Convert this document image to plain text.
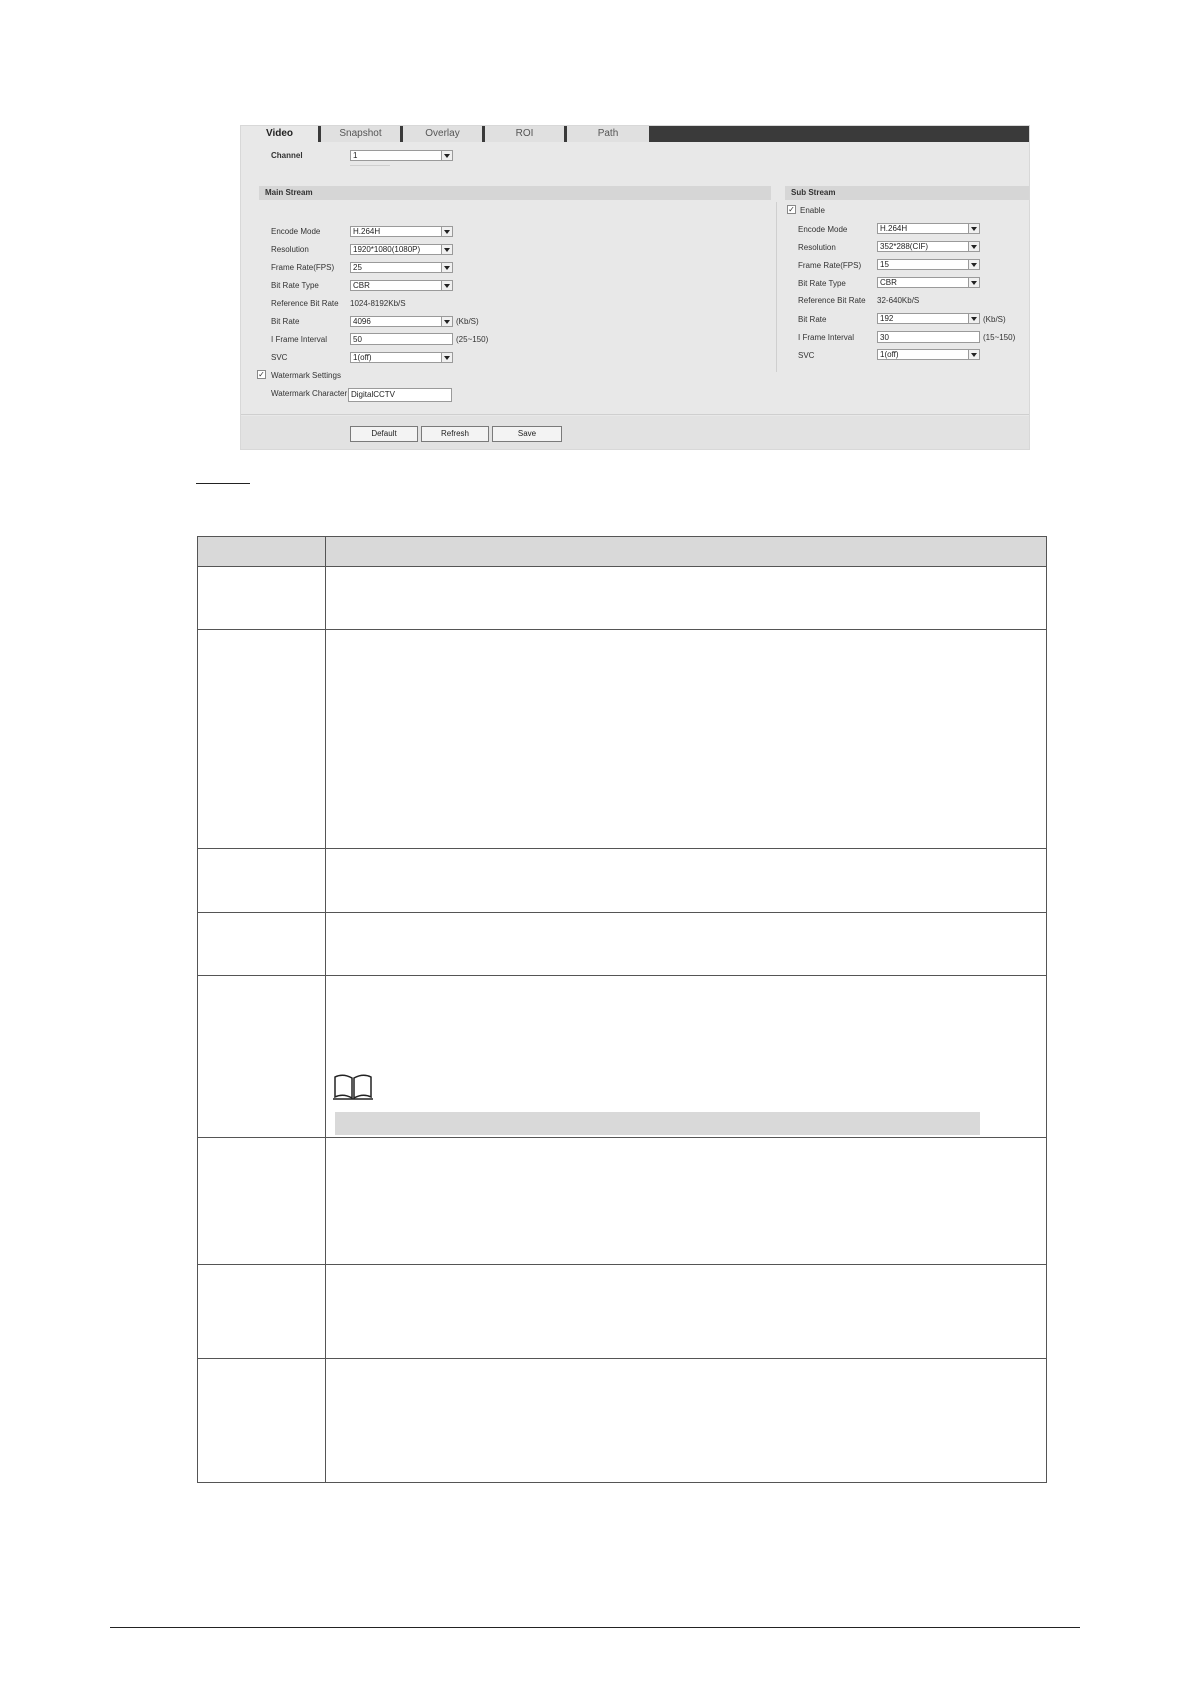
Video	Snapshot	Overlay	ROI	Path
Channel	1
Main Stream
Encode Mode	H.264H
Resolution	1920*1080(1080P)
Frame Rate(FPS)	25
Bit Rate Type	CBR
Reference Bit Rate 1024-8192Kb/S
Bit Rate	4096	(Kb/S)
I Frame Interval	50	(25~150)
SVC	1(off)
✓ Watermark Settings
Watermark Character DigitalCCTV
Sub Stream
✓ Enable
Encode Mode	H.264H
Resolution	352*288(CIF)
Frame Rate(FPS)	15
Bit Rate Type	CBR
Reference Bit Rate 32-640Kb/S
Bit Rate	192	(Kb/S)
I Frame Interval	30	(15~150)
SVC	1(off)
Default	Refresh	Save
